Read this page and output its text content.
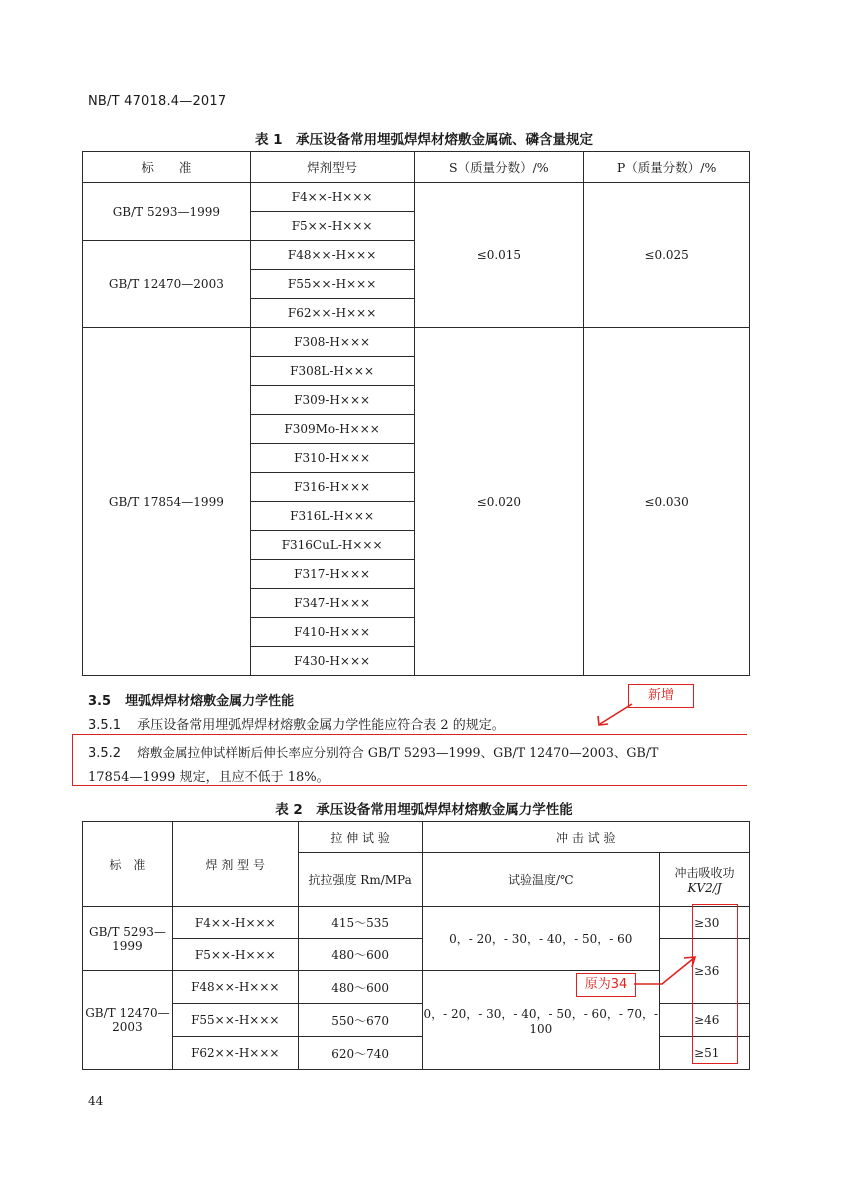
NB/T 47018.4—2017
表 1　承压设备常用埋弧焊焊材熔敷金属硫、磷含量规定
标　　准	焊剂型号	S（质量分数）/%	P（质量分数）/%
GB/T 5293—1999	F4××-H×××	≤0.015	≤0.025
	F5××-H×××		
GB/T 12470—2003	F48××-H×××		
	F55××-H×××		
	F62××-H×××		
GB/T 17854—1999	F308-H×××	≤0.020	≤0.030
	F308L-H×××		
	F309-H×××		
	F309Mo-H×××		
	F310-H×××		
	F316-H×××		
	F316L-H×××		
	F316CuL-H×××		
	F317-H×××		
	F347-H×××		
	F410-H×××		
	F430-H×××		
3.5 埋弧焊焊材熔敷金属力学性能
3.5.1 承压设备常用埋弧焊焊材熔敷金属力学性能应符合表 2 的规定。
3.5.2 熔敷金属拉伸试样断后伸长率应分别符合 GB/T 5293—1999、GB/T 12470—2003、GB/T
17854—1999 规定，且应不低于 18%。
新增
表 2　承压设备常用埋弧焊焊材熔敷金属力学性能
标　准	焊 剂 型 号	拉 伸 试 验	冲 击 试 验	
		抗拉强度 Rm/MPa	试验温度/℃	冲击吸收功
KV2/J

GB/T 5293—
1999	F4××-H×××	415～535	0，- 20，- 30，- 40，- 50，- 60	≥30
	F5××-H×××	480～600		≥36

GB/T 12470—
2003	F48××-H×××	480～600	0，- 20，- 30，- 40，- 50，- 60，- 70，- 100	
	F55××-H×××	550～670		≥46
	F62××-H×××	620～740		≥51
原为34
44
